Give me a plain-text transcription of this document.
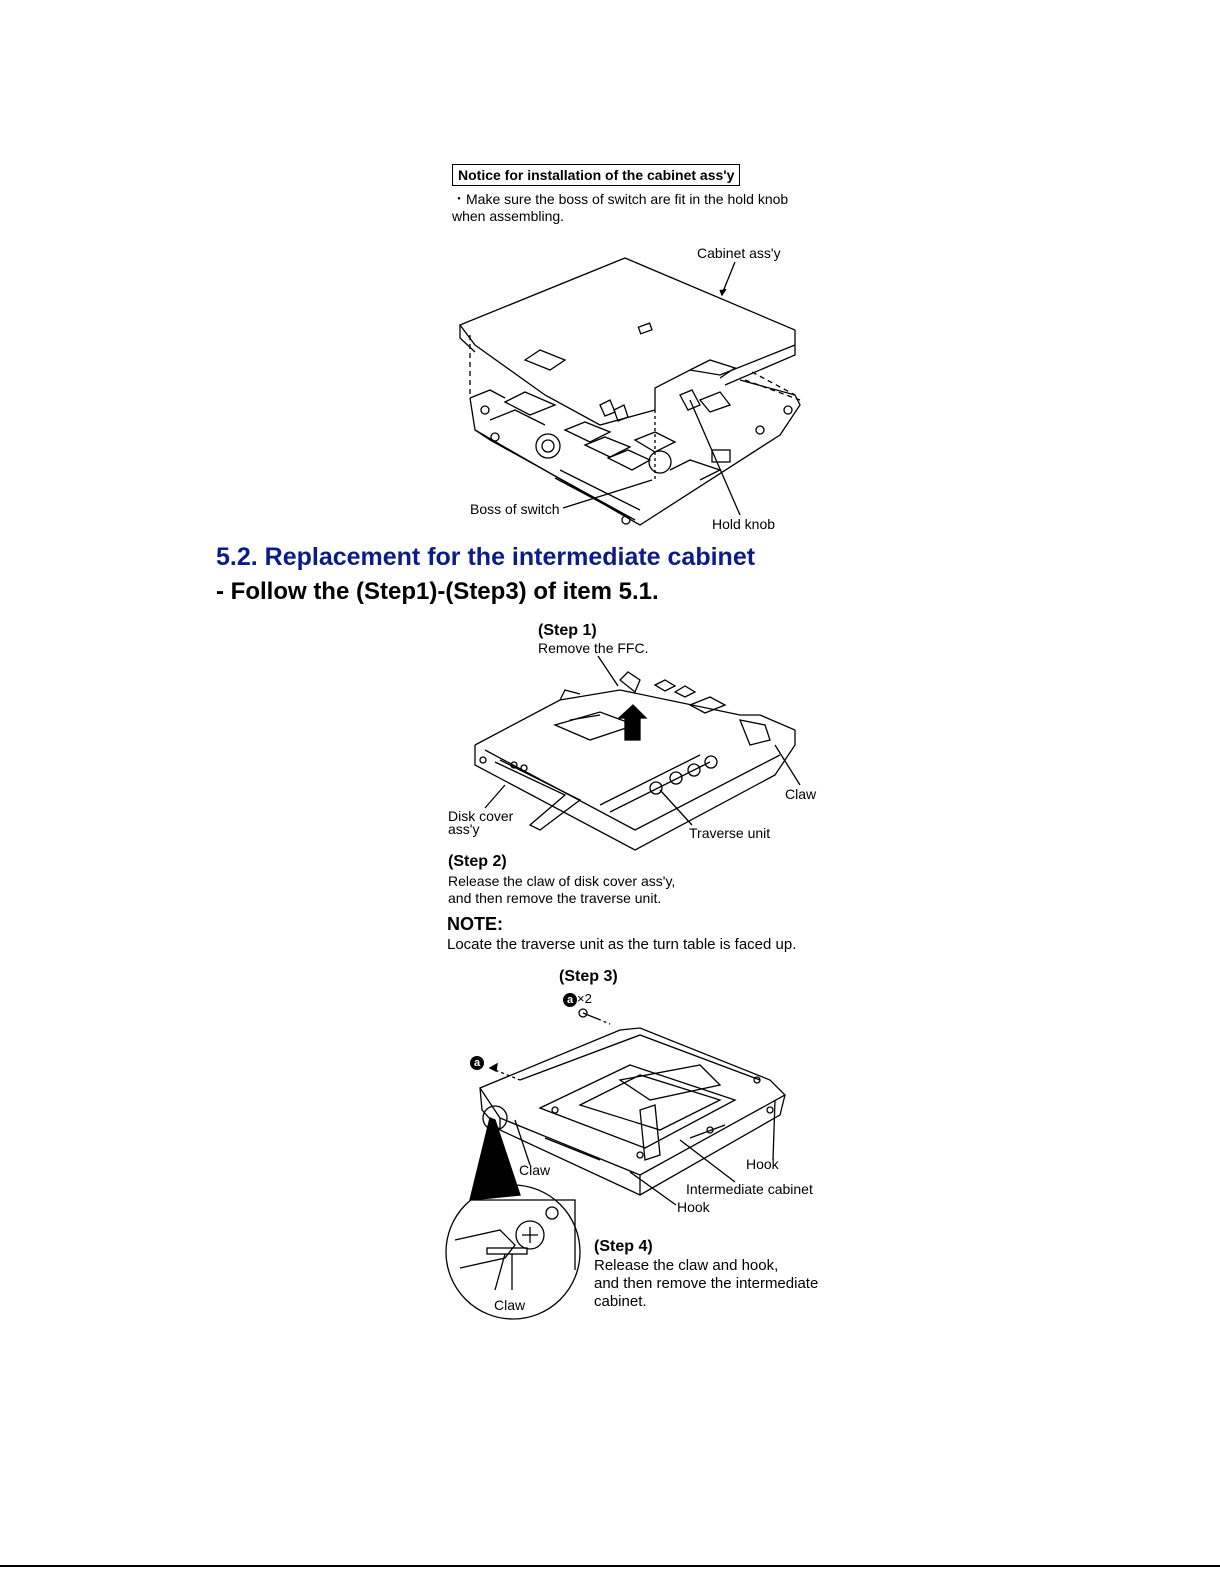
Notice for installation of the cabinet ass'y
・Make sure the boss of switch are fit in the hold knob when assembling.
Cabinet ass'y
Boss of switch
Hold knob
5.2. Replacement for the intermediate cabinet
- Follow the (Step1)-(Step3) of item 5.1.
(Step 1)
Remove the FFC.
Claw
Disk cover
ass'y	Traverse unit
(Step 2)
Release the claw of disk cover ass'y,
and then remove the traverse unit.
NOTE:
Locate the traverse unit as the turn table is faced up.
(Step 3)
a ×2
a
Claw	Hook
Intermediate cabinet
Hook
Claw
(Step 4)
Release the claw and hook,
and then remove the intermediate
cabinet.
